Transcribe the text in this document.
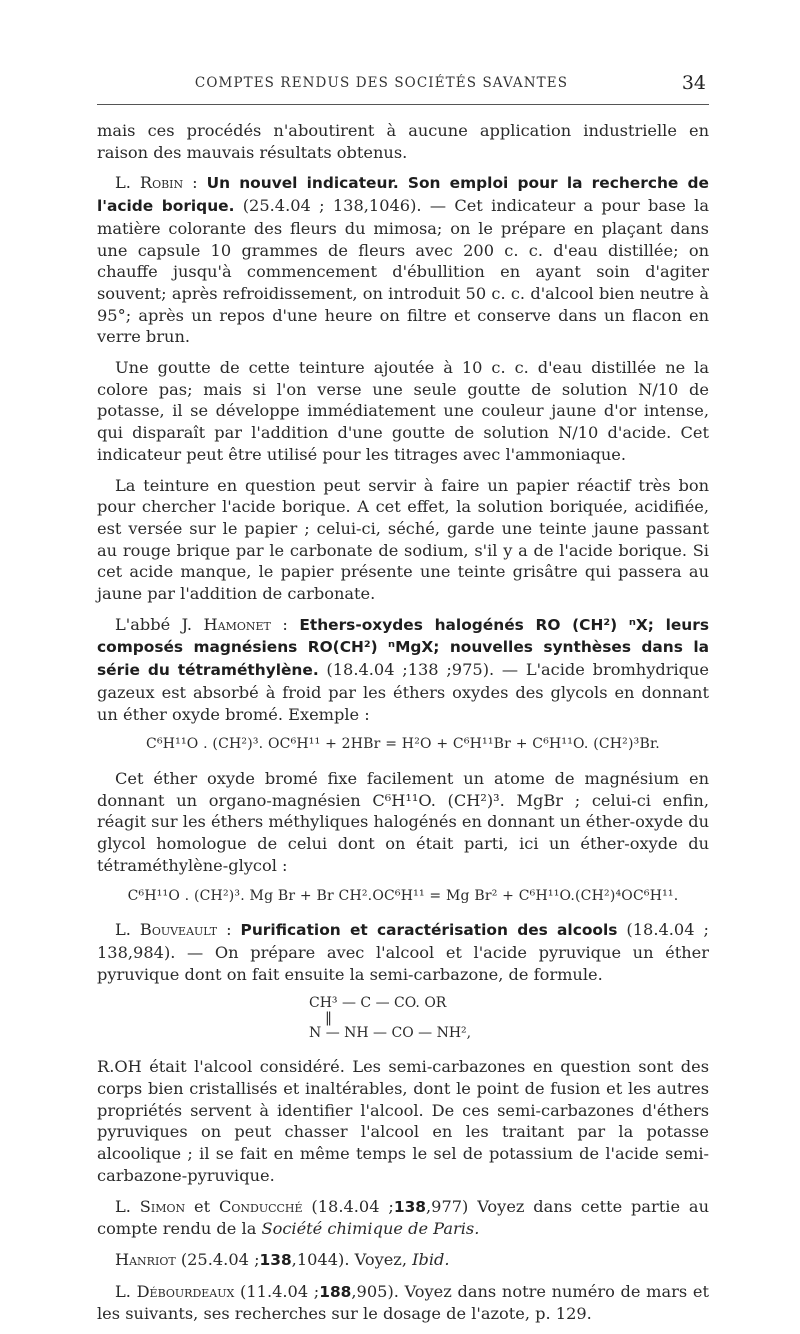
COMPTES RENDUS DES SOCIÉTÉS SAVANTES	34

mais ces procédés n'aboutirent à aucune application industrielle en raison des mauvais résultats obtenus.

L. Robin : Un nouvel indicateur. Son emploi pour la recherche de l'acide borique. (25.4.04 ; 138,1046). — Cet indicateur a pour base la matière colorante des fleurs du mimosa; on le prépare en plaçant dans une capsule 10 grammes de fleurs avec 200 c. c. d'eau distillée; on chauffe jusqu'à commencement d'ébullition en ayant soin d'agiter souvent; après refroidissement, on introduit 50 c. c. d'alcool bien neutre à 95°; après un repos d'une heure on filtre et conserve dans un flacon en verre brun.

Une goutte de cette teinture ajoutée à 10 c. c. d'eau distillée ne la colore pas; mais si l'on verse une seule goutte de solution N/10 de potasse, il se développe immédiatement une couleur jaune d'or intense, qui disparaît par l'addition d'une goutte de solution N/10 d'acide. Cet indicateur peut être utilisé pour les titrages avec l'ammoniaque.

La teinture en question peut servir à faire un papier réactif très bon pour chercher l'acide borique. A cet effet, la solution boriquée, acidifiée, est versée sur le papier ; celui-ci, séché, garde une teinte jaune passant au rouge brique par le carbonate de sodium, s'il y a de l'acide borique. Si cet acide manque, le papier présente une teinte grisâtre qui passera au jaune par l'addition de carbonate.

L'abbé J. Hamonet : Ethers-oxydes halogénés RO (CH²) ⁿX; leurs composés magnésiens RO(CH²) ⁿMgX; nouvelles synthèses dans la série du tétraméthylène. (18.4.04 ;138 ;975). — L'acide bromhydrique gazeux est absorbé à froid par les éthers oxydes des glycols en donnant un éther oxyde bromé. Exemple :

C⁶H¹¹O . (CH²)³. OC⁶H¹¹ + 2HBr = H²O + C⁶H¹¹Br + C⁶H¹¹O. (CH²)³Br.

Cet éther oxyde bromé fixe facilement un atome de magnésium en donnant un organo-magnésien C⁶H¹¹O. (CH²)³. MgBr ; celui-ci enfin, réagit sur les éthers méthyliques halogénés en donnant un éther-oxyde du glycol homologue de celui dont on était parti, ici un éther-oxyde du tétraméthylène-glycol :

C⁶H¹¹O . (CH²)³. Mg Br + Br CH².OC⁶H¹¹ = Mg Br² + C⁶H¹¹O.(CH²)⁴OC⁶H¹¹.

L. Bouveault : Purification et caractérisation des alcools (18.4.04 ; 138,984). — On prépare avec l'alcool et l'acide pyruvique un éther pyruvique dont on fait ensuite la semi-carbazone, de formule.

CH³ — C — CO. OR
‖
N — NH — CO — NH²,

R.OH était l'alcool considéré. Les semi-carbazones en question sont des corps bien cristallisés et inaltérables, dont le point de fusion et les autres propriétés servent à identifier l'alcool. De ces semi-carbazones d'éthers pyruviques on peut chasser l'alcool en les traitant par la potasse alcoolique ; il se fait en même temps le sel de potassium de l'acide semi-carbazone-pyruvique.

L. Simon et Conducché (18.4.04 ;138,977) Voyez dans cette partie au compte rendu de la Société chimique de Paris.

Hanriot (25.4.04 ;138,1044). Voyez, Ibid.

L. Débourdeaux (11.4.04 ;188,905). Voyez dans notre numéro de mars et les suivants, ses recherches sur le dosage de l'azote, p. 129.
